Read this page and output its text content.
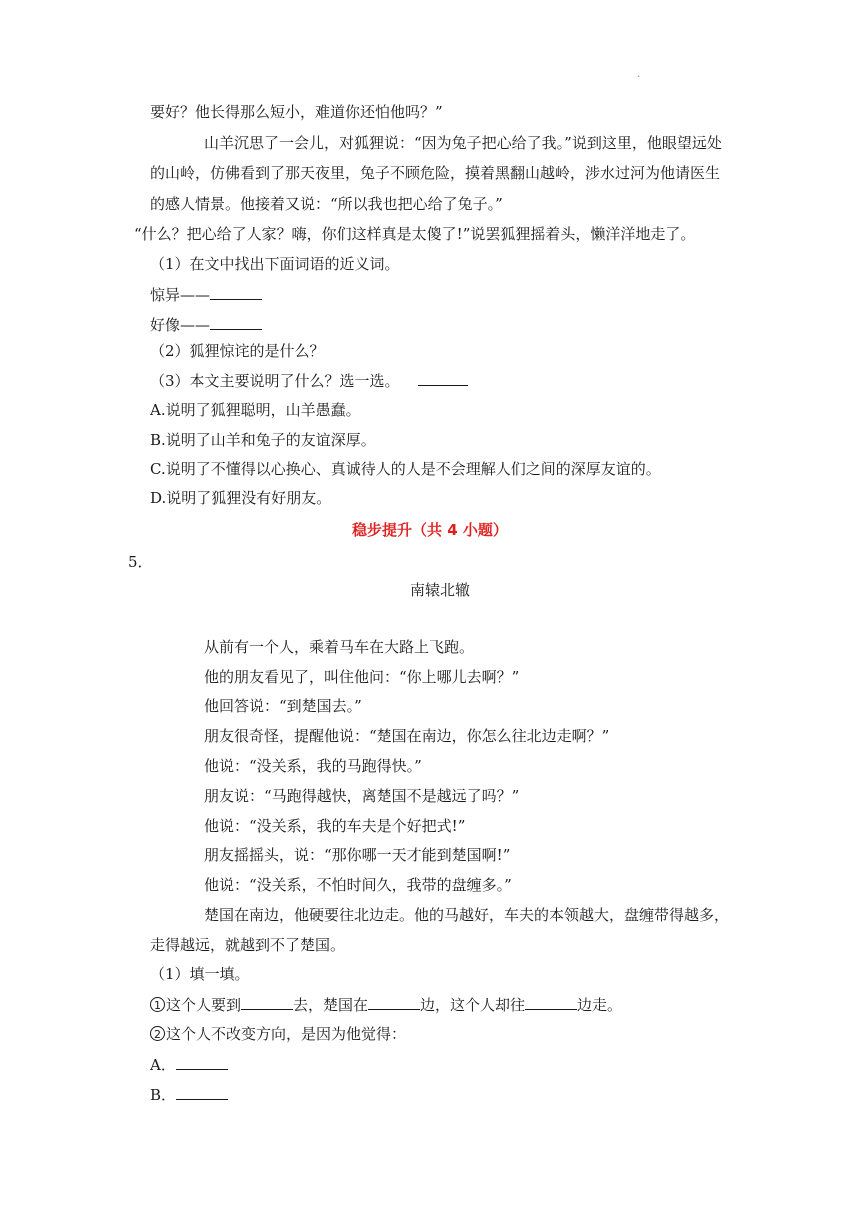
·
要好？他长得那么短小，难道你还怕他吗？”
山羊沉思了一会儿，对狐狸说：“因为兔子把心给了我。”说到这里，他眼望远处
的山岭，仿佛看到了那天夜里，兔子不顾危险，摸着黑翻山越岭，涉水过河为他请医生
的感人情景。他接着又说：“所以我也把心给了兔子。”
“什么？把心给了人家？嗨，你们这样真是太傻了!”说罢狐狸摇着头，懒洋洋地走了。
（1）在文中找出下面词语的近义词。
惊异——
好像——
（2）狐狸惊诧的是什么？
（3）本文主要说明了什么？选一选。
A.说明了狐狸聪明，山羊愚蠢。
B.说明了山羊和兔子的友谊深厚。
C.说明了不懂得以心换心、真诚待人的人是不会理解人们之间的深厚友谊的。
D.说明了狐狸没有好朋友。
稳步提升（共 4 小题）
5．
南辕北辙
从前有一个人，乘着马车在大路上飞跑。
他的朋友看见了，叫住他问：“你上哪儿去啊？”
他回答说：“到楚国去。”
朋友很奇怪，提醒他说：“楚国在南边，你怎么往北边走啊？”
他说：“没关系，我的马跑得快。”
朋友说：“马跑得越快，离楚国不是越远了吗？”
他说：“没关系，我的车夫是个好把式!”
朋友摇摇头，说：“那你哪一天才能到楚国啊!”
他说：“没关系，不怕时间久，我带的盘缠多。”
楚国在南边，他硬要往北边走。他的马越好，车夫的本领越大，盘缠带得越多，
走得越远，就越到不了楚国。
（1）填一填。
1 这个人要到	去，楚国在	边，这个人却往	边走。
2 这个人不改变方向，是因为他觉得：
A．
B．
